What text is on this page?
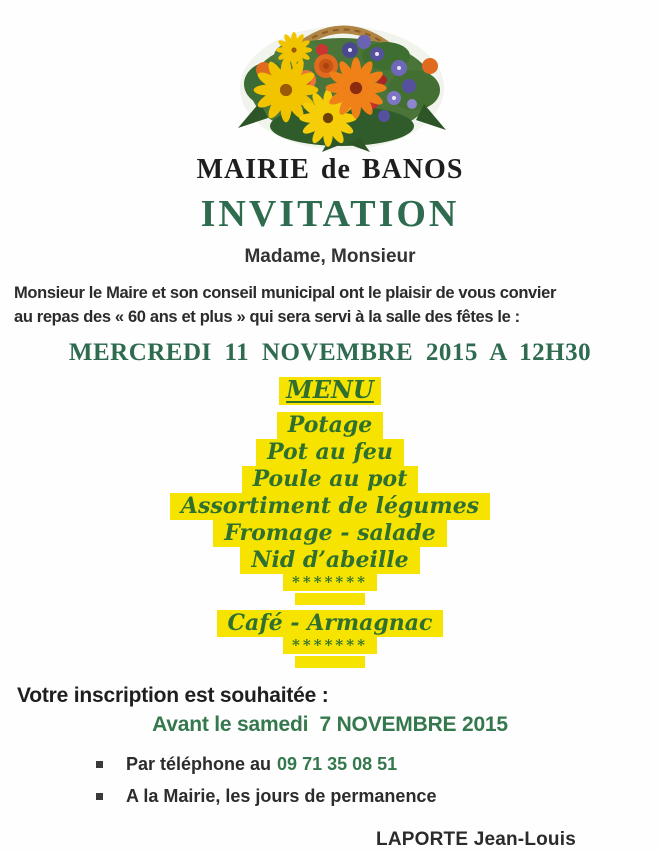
MAIRIE de BANOS
INVITATION
Madame, Monsieur
Monsieur le Maire et son conseil municipal ont le plaisir de vous convier
au repas des « 60 ans et plus » qui sera servi à la salle des fêtes le :
MERCREDI 11 NOVEMBRE 2015 A 12H30
MENU
Potage
Pot au feu
Poule au pot
Assortiment de légumes
Fromage - salade
Nid d’abeille
*******
Café - Armagnac
*******
Votre inscription est souhaitée :
Avant le samedi  7 NOVEMBRE 2015
Par téléphone au 09 71 35 08 51
A la Mairie, les jours de permanence
LAPORTE Jean-Louis
